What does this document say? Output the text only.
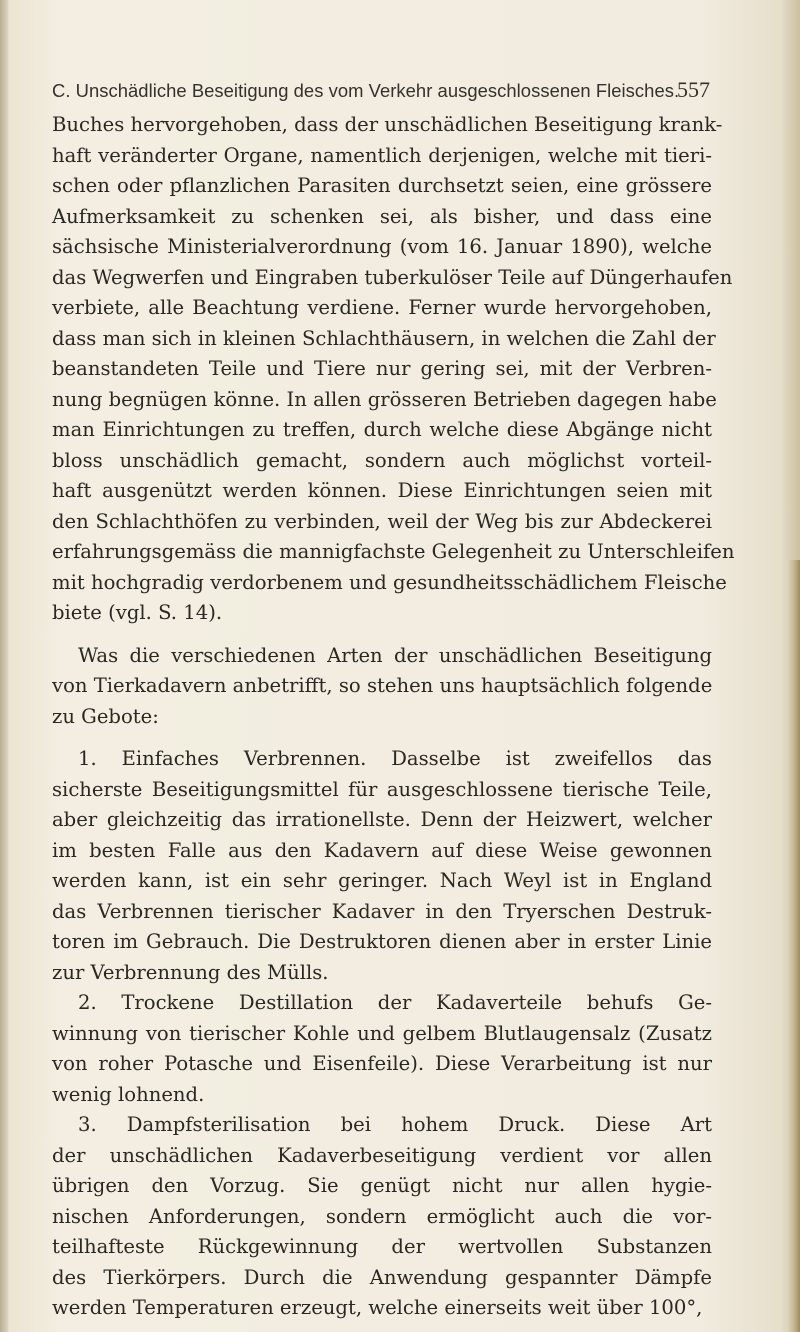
C. Unschädliche Beseitigung des vom Verkehr ausgeschlossenen Fleisches.
557
Buches hervorgehoben, dass der unschädlichen Beseitigung krank-
haft veränderter Organe, namentlich derjenigen, welche mit tieri-
schen oder pflanzlichen Parasiten durchsetzt seien, eine grössere
Aufmerksamkeit zu schenken sei, als bisher, und dass eine
sächsische Ministerialverordnung (vom 16. Januar 1890), welche
das Wegwerfen und Eingraben tuberkulöser Teile auf Düngerhaufen
verbiete, alle Beachtung verdiene. Ferner wurde hervorgehoben,
dass man sich in kleinen Schlachthäusern, in welchen die Zahl der
beanstandeten Teile und Tiere nur gering sei, mit der Verbren-
nung begnügen könne. In allen grösseren Betrieben dagegen habe
man Einrichtungen zu treffen, durch welche diese Abgänge nicht
bloss unschädlich gemacht, sondern auch möglichst vorteil-
haft ausgenützt werden können. Diese Einrichtungen seien mit
den Schlachthöfen zu verbinden, weil der Weg bis zur Abdeckerei
erfahrungsgemäss die mannigfachste Gelegenheit zu Unterschleifen
mit hochgradig verdorbenem und gesundheitsschädlichem Fleische
biete (vgl. S. 14).
Was die verschiedenen Arten der unschädlichen Beseitigung
von Tierkadavern anbetrifft, so stehen uns hauptsächlich folgende
zu Gebote:
1. Einfaches Verbrennen. Dasselbe ist zweifellos das
sicherste Beseitigungsmittel für ausgeschlossene tierische Teile,
aber gleichzeitig das irrationellste. Denn der Heizwert, welcher
im besten Falle aus den Kadavern auf diese Weise gewonnen
werden kann, ist ein sehr geringer. Nach Weyl ist in England
das Verbrennen tierischer Kadaver in den Tryerschen Destruk-
toren im Gebrauch. Die Destruktoren dienen aber in erster Linie
zur Verbrennung des Mülls.
2. Trockene Destillation der Kadaverteile behufs Ge-
winnung von tierischer Kohle und gelbem Blutlaugensalz (Zusatz
von roher Potasche und Eisenfeile). Diese Verarbeitung ist nur
wenig lohnend.
3. Dampfsterilisation bei hohem Druck. Diese Art
der unschädlichen Kadaverbeseitigung verdient vor allen
übrigen den Vorzug. Sie genügt nicht nur allen hygie-
nischen Anforderungen, sondern ermöglicht auch die vor-
teilhafteste Rückgewinnung der wertvollen Substanzen
des Tierkörpers. Durch die Anwendung gespannter Dämpfe
werden Temperaturen erzeugt, welche einerseits weit über 100°,
